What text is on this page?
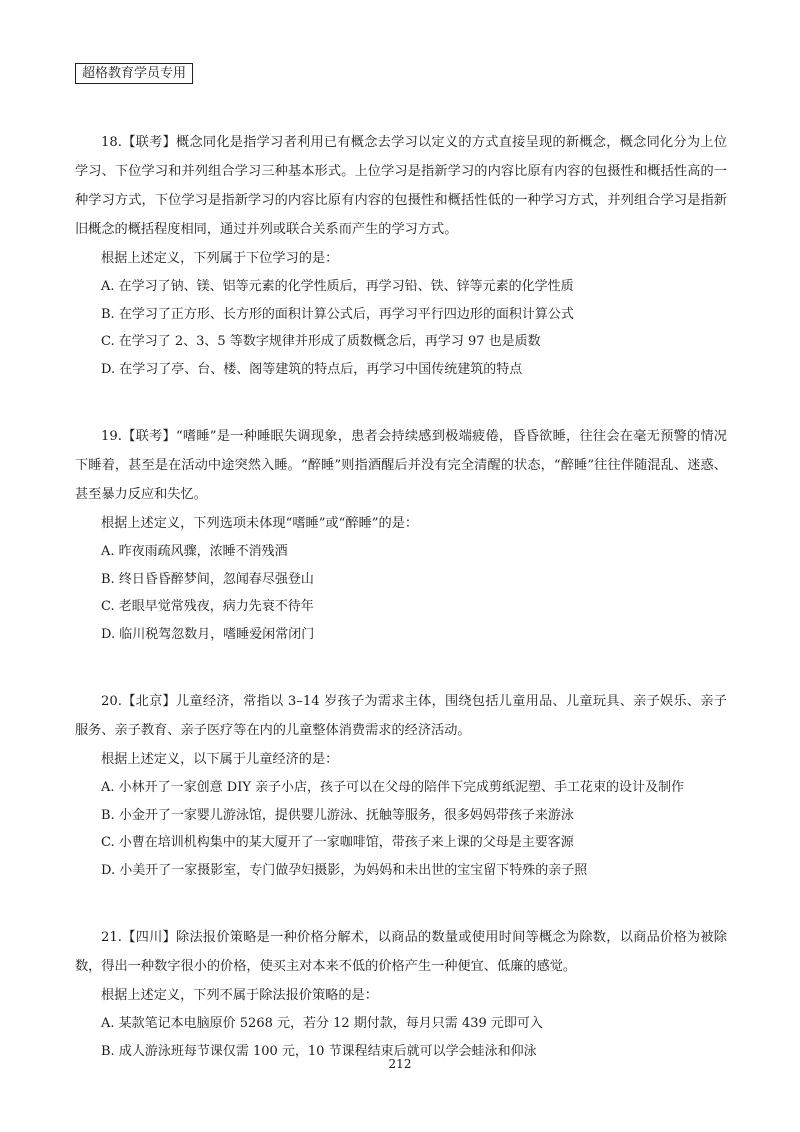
超格教育学员专用

18.【联考】概念同化是指学习者利用已有概念去学习以定义的方式直接呈现的新概念，概念同化分为上位学习、下位学习和并列组合学习三种基本形式。上位学习是指新学习的内容比原有内容的包摄性和概括性高的一种学习方式，下位学习是指新学习的内容比原有内容的包摄性和概括性低的一种学习方式，并列组合学习是指新旧概念的概括程度相同，通过并列或联合关系而产生的学习方式。

根据上述定义，下列属于下位学习的是：

A. 在学习了钠、镁、铝等元素的化学性质后，再学习铅、铁、锌等元素的化学性质

B. 在学习了正方形、长方形的面积计算公式后，再学习平行四边形的面积计算公式

C. 在学习了 2、3、5 等数字规律并形成了质数概念后，再学习 97 也是质数

D. 在学习了亭、台、楼、阁等建筑的特点后，再学习中国传统建筑的特点

19.【联考】“嗜睡”是一种睡眠失调现象，患者会持续感到极端疲倦，昏昏欲睡，往往会在毫无预警的情况下睡着，甚至是在活动中途突然入睡。“醉睡”则指酒醒后并没有完全清醒的状态，“醉睡”往往伴随混乱、迷惑、甚至暴力反应和失忆。

根据上述定义，下列选项未体现“嗜睡”或“醉睡”的是：

A. 昨夜雨疏风骤，浓睡不消残酒

B. 终日昏昏醉梦间，忽闻春尽强登山

C. 老眼早觉常残夜，病力先衰不待年

D. 临川税驾忽数月，嗜睡爱闲常闭门

20.【北京】儿童经济，常指以 3–14 岁孩子为需求主体，围绕包括儿童用品、儿童玩具、亲子娱乐、亲子服务、亲子教育、亲子医疗等在内的儿童整体消费需求的经济活动。

根据上述定义，以下属于儿童经济的是：

A. 小林开了一家创意 DIY 亲子小店，孩子可以在父母的陪伴下完成剪纸泥塑、手工花束的设计及制作

B. 小金开了一家婴儿游泳馆，提供婴儿游泳、抚触等服务，很多妈妈带孩子来游泳

C. 小曹在培训机构集中的某大厦开了一家咖啡馆，带孩子来上课的父母是主要客源

D. 小美开了一家摄影室，专门做孕妇摄影，为妈妈和未出世的宝宝留下特殊的亲子照

21.【四川】除法报价策略是一种价格分解术，以商品的数量或使用时间等概念为除数，以商品价格为被除数，得出一种数字很小的价格，使买主对本来不低的价格产生一种便宜、低廉的感觉。

根据上述定义，下列不属于除法报价策略的是：

A. 某款笔记本电脑原价 5268 元，若分 12 期付款，每月只需 439 元即可入

B. 成人游泳班每节课仅需 100 元，10 节课程结束后就可以学会蛙泳和仰泳

212
